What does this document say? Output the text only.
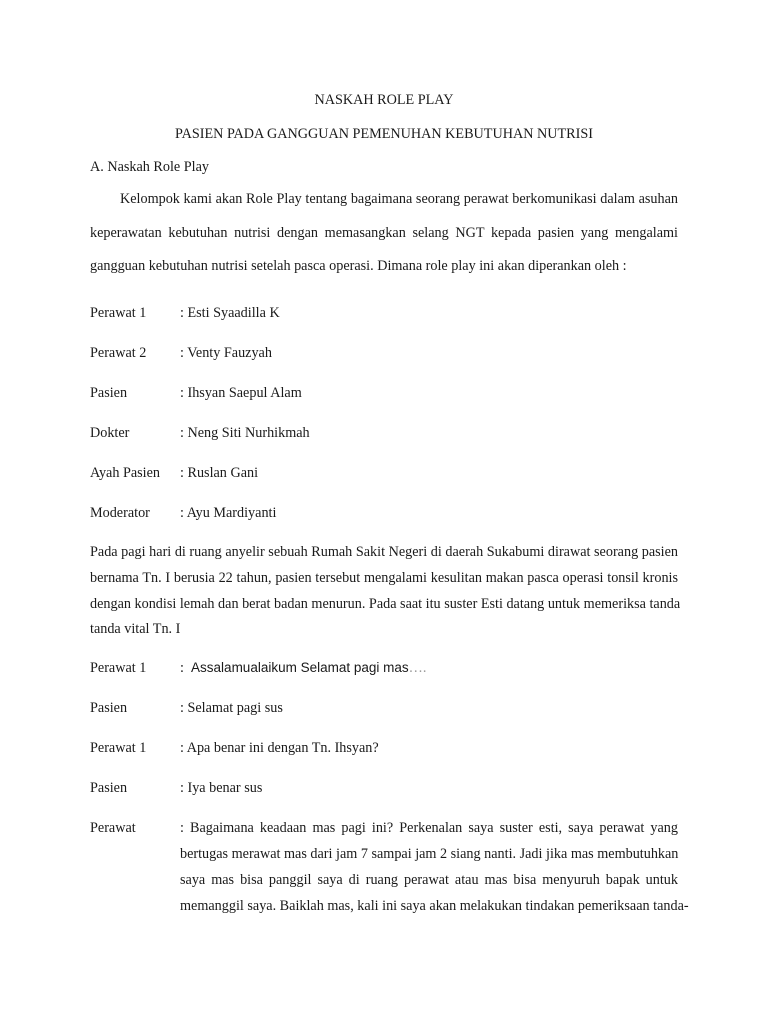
NASKAH ROLE PLAY
PASIEN PADA GANGGUAN PEMENUHAN KEBUTUHAN NUTRISI
A. Naskah Role Play
Kelompok kami akan Role Play tentang bagaimana seorang perawat berkomunikasi dalam asuhan
keperawatan kebutuhan nutrisi dengan memasangkan selang NGT kepada pasien yang mengalami
gangguan kebutuhan nutrisi setelah pasca operasi. Dimana role play ini akan diperankan oleh :
Perawat 1 : Esti Syaadilla K
Perawat 2 : Venty Fauzyah
Pasien	: Ihsyan Saepul Alam
Dokter	: Neng Siti Nurhikmah
Ayah Pasien : Ruslan Gani
Moderator : Ayu Mardiyanti
Pada pagi hari di ruang anyelir sebuah Rumah Sakit Negeri di daerah Sukabumi dirawat seorang pasien
bernama Tn. I berusia 22 tahun, pasien tersebut mengalami kesulitan makan pasca operasi tonsil kronis
dengan kondisi lemah dan berat badan menurun. Pada saat itu suster Esti datang untuk memeriksa tanda
tanda vital Tn. I
Perawat 1 : Assalamualaikum Selamat pagi mas….
Pasien	: Selamat pagi sus
Perawat 1 : Apa benar ini dengan Tn. Ihsyan?
Pasien	: Iya benar sus
Perawat	: Bagaimana keadaan mas pagi ini? Perkenalan saya suster esti, saya perawat yang
bertugas merawat mas dari jam 7 sampai jam 2 siang nanti. Jadi jika mas membutuhkan
saya mas bisa panggil saya di ruang perawat atau mas bisa menyuruh bapak untuk
memanggil saya. Baiklah mas, kali ini saya akan melakukan tindakan pemeriksaan tanda-
